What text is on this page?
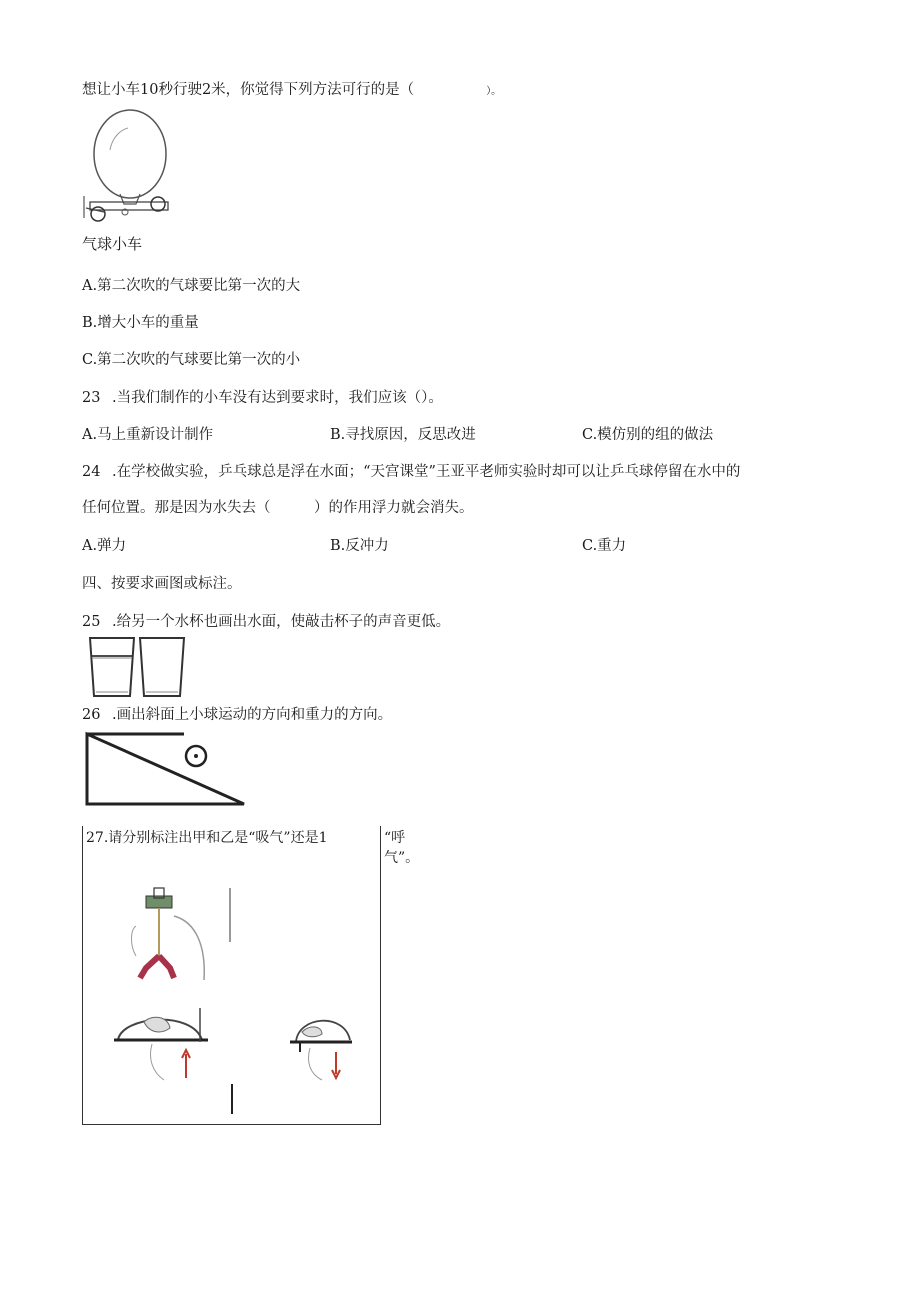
想让小车10秒行驶2米，你觉得下列方法可行的是（	）。
气球小车
A.第二次吹的气球要比第一次的大
B.增大小车的重量
C.第二次吹的气球要比第一次的小
23 .当我们制作的小车没有达到要求时，我们应该（）。
A.马上重新设计制作	B.寻找原因，反思改进	C.模仿别的组的做法
24 .在学校做实验，乒乓球总是浮在水面；“天宫课堂”王亚平老师实验时却可以让乒乓球停留在水中的
任何位置。那是因为水失去（　　　）的作用浮力就会消失。
A.弹力	B.反冲力	C.重力
四、按要求画图或标注。
25 .给另一个水杯也画出水面，使敲击杯子的声音更低。
26 .画出斜面上小球运动的方向和重力的方向。
27.请分别标注出甲和乙是“吸气”还是1	“呼
气”。
